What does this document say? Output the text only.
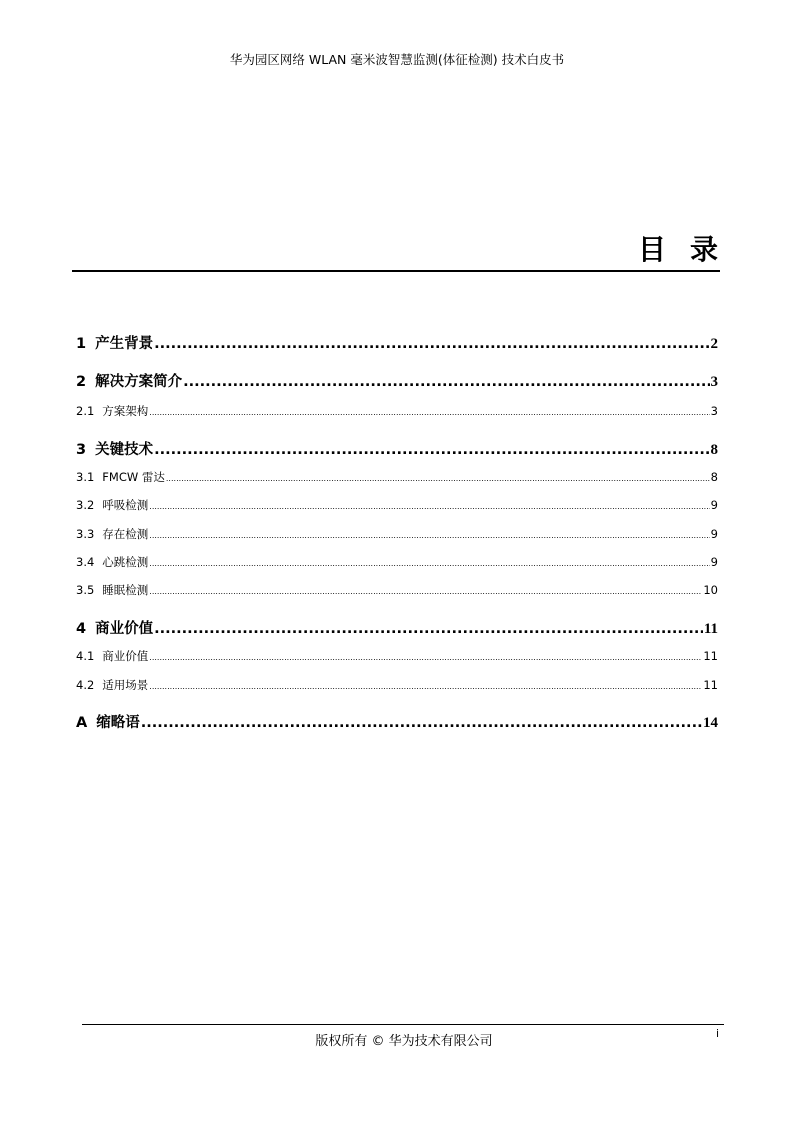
华为园区网络 WLAN 毫米波智慧监测(体征检测) 技术白皮书
目录
1 产生背景 .....	2
2 解决方案简介 .....	3
2.1 方案架构 .....	3
3 关键技术 .....	8
3.1 FMCW 雷达 .....	8
3.2 呼吸检测 .....	9
3.3 存在检测 .....	9
3.4 心跳检测 .....	9
3.5 睡眠检测 .....	10
4 商业价值 .....	11
4.1 商业价值 .....	11
4.2 适用场景 .....	11
A 缩略语 .....	14
版权所有 © 华为技术有限公司
i
